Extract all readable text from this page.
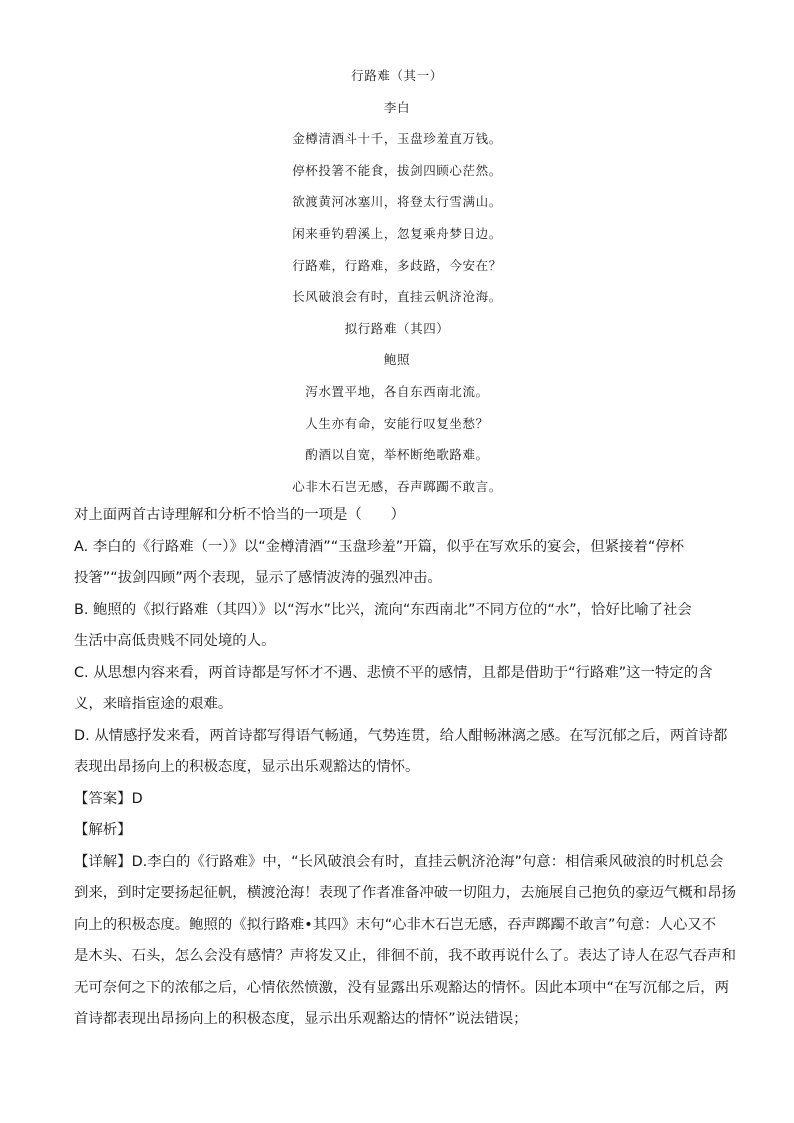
行路难（其一）
李白
金樽清酒斗十千，玉盘珍羞直万钱。
停杯投箸不能食，拔剑四顾心茫然。
欲渡黄河冰塞川，将登太行雪满山。
闲来垂钓碧溪上，忽复乘舟梦日边。
行路难，行路难，多歧路，今安在？
长风破浪会有时，直挂云帆济沧海。
拟行路难（其四）
鲍照
泻水置平地，各自东西南北流。
人生亦有命，安能行叹复坐愁？
酌酒以自宽，举杯断绝歌路难。
心非木石岂无感，吞声踯躅不敢言。
对上面两首古诗理解和分析不恰当的一项是（　　）
A. 李白的《行路难（一）》以“金樽清酒”“玉盘珍羞”开篇，似乎在写欢乐的宴会，但紧接着“停杯
投箸”“拔剑四顾”两个表现，显示了感情波涛的强烈冲击。
B. 鲍照的《拟行路难（其四）》以“泻水”比兴，流向“东西南北”不同方位的“水”，恰好比喻了社会
生活中高低贵贱不同处境的人。
C. 从思想内容来看，两首诗都是写怀才不遇、悲愤不平的感情，且都是借助于“行路难”这一特定的含
义，来暗指宦途的艰难。
D. 从情感抒发来看，两首诗都写得语气畅通，气势连贯，给人酣畅淋漓之感。在写沉郁之后，两首诗都
表现出昂扬向上的积极态度，显示出乐观豁达的情怀。
【答案】D
【解析】
【详解】D.李白的《行路难》中，“长风破浪会有时，直挂云帆济沧海”句意：相信乘风破浪的时机总会
到来，到时定要扬起征帆，横渡沧海！表现了作者准备冲破一切阻力，去施展自己抱负的豪迈气概和昂扬
向上的积极态度。鲍照的《拟行路难•其四》末句“心非木石岂无感，吞声踯躅不敢言”句意：人心又不
是木头、石头，怎么会没有感情？声将发又止，徘徊不前，我不敢再说什么了。表达了诗人在忍气吞声和
无可奈何之下的浓郁之后，心情依然愤激，没有显露出乐观豁达的情怀。因此本项中“在写沉郁之后，两
首诗都表现出昂扬向上的积极态度，显示出乐观豁达的情怀”说法错误；
